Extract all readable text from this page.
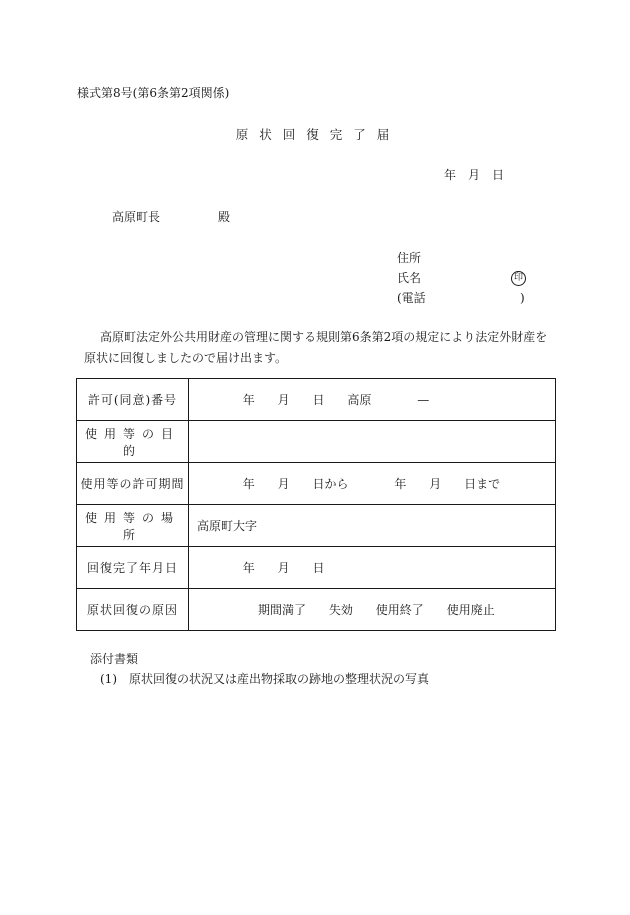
様式第8号(第6条第2項関係)
原状回復完了届
年　月　日
高原町長	殿
住所
氏名	印
(電話	)
高原町法定外公共用財産の管理に関する規則第6条第2項の規定により法定外財産を原状に回復しましたので届け出ます。
許可(同意)番号	年      月      日      高原            —
使用等の目的	
使用等の許可期間	年      月      日から            年      月      日まで
使用等の場所	高原町大字
回復完了年月日	年      月      日
原状回復の原因	期間満了      失効      使用終了      使用廃止
添付書類
(1)　原状回復の状況又は産出物採取の跡地の整理状況の写真
